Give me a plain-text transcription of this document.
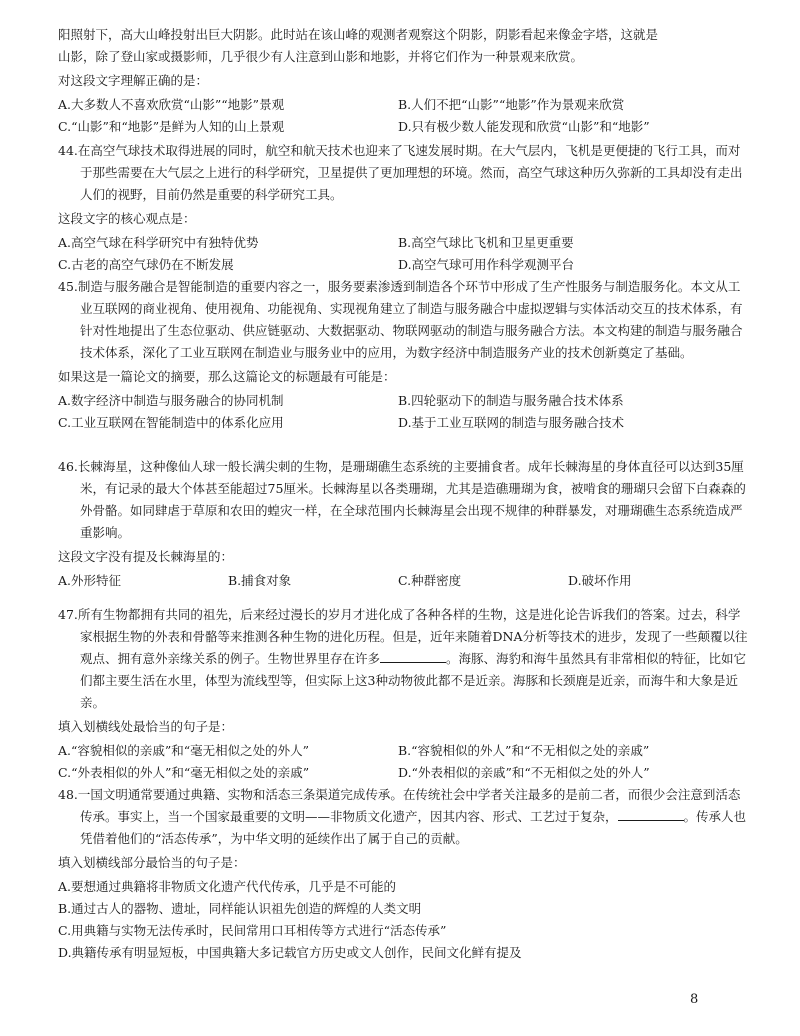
阳照射下，高大山峰投射出巨大阴影。此时站在该山峰的观测者观察这个阴影，阴影看起来像金字塔，这就是
山影，除了登山家或摄影师，几乎很少有人注意到山影和地影，并将它们作为一种景观来欣赏。
对这段文字理解正确的是：
A.大多数人不喜欢欣赏“山影”“地影”景观	B.人们不把“山影”“地影”作为景观来欣赏
C.“山影”和“地影”是鲜为人知的山上景观	D.只有极少数人能发现和欣赏“山影”和“地影”

44.在高空气球技术取得进展的同时，航空和航天技术也迎来了飞速发展时期。在大气层内，飞机是更便捷的飞行工具，而对于那些需要在大气层之上进行的科学研究，卫星提供了更加理想的环境。然而，高空气球这种历久弥新的工具却没有走出人们的视野，目前仍然是重要的科学研究工具。

这段文字的核心观点是：
A.高空气球在科学研究中有独特优势	B.高空气球比飞机和卫星更重要
C.古老的高空气球仍在不断发展	D.高空气球可用作科学观测平台

45.制造与服务融合是智能制造的重要内容之一，服务要素渗透到制造各个环节中形成了生产性服务与制造服务化。本文从工业互联网的商业视角、使用视角、功能视角、实现视角建立了制造与服务融合中虚拟逻辑与实体活动交互的技术体系，有针对性地提出了生态位驱动、供应链驱动、大数据驱动、物联网驱动的制造与服务融合方法。本文构建的制造与服务融合技术体系，深化了工业互联网在制造业与服务业中的应用，为数字经济中制造服务产业的技术创新奠定了基础。

如果这是一篇论文的摘要，那么这篇论文的标题最有可能是：
A.数字经济中制造与服务融合的协同机制	B.四轮驱动下的制造与服务融合技术体系
C.工业互联网在智能制造中的体系化应用	D.基于工业互联网的制造与服务融合技术

46.长棘海星，这种像仙人球一般长满尖刺的生物，是珊瑚礁生态系统的主要捕食者。成年长棘海星的身体直径可以达到35厘米，有记录的最大个体甚至能超过75厘米。长棘海星以各类珊瑚，尤其是造礁珊瑚为食，被啃食的珊瑚只会留下白森森的外骨骼。如同肆虐于草原和农田的蝗灾一样，在全球范围内长棘海星会出现不规律的种群暴发，对珊瑚礁生态系统造成严重影响。

这段文字没有提及长棘海星的：
A.外形特征	B.捕食对象	C.种群密度	D.破坏作用

47.所有生物都拥有共同的祖先，后来经过漫长的岁月才进化成了各种各样的生物，这是进化论告诉我们的答案。过去，科学家根据生物的外表和骨骼等来推测各种生物的进化历程。但是，近年来随着DNA分析等技术的进步，发现了一些颠覆以往观点、拥有意外亲缘关系的例子。生物世界里存在许多	。海豚、海豹和海牛虽然具有非常相似的特征，比如它们都主要生活在水里，体型为流线型等，但实际上这3种动物彼此都不是近亲。海豚和长颈鹿是近亲，而海牛和大象是近亲。

填入划横线处最恰当的句子是：
A.“容貌相似的亲戚”和“毫无相似之处的外人”	B.“容貌相似的外人”和“不无相似之处的亲戚”
C.“外表相似的外人”和“毫无相似之处的亲戚”	D.“外表相似的亲戚”和“不无相似之处的外人”

48.一国文明通常要通过典籍、实物和活态三条渠道完成传承。在传统社会中学者关注最多的是前二者，而很少会注意到活态传承。事实上，当一个国家最重要的文明——非物质文化遗产，因其内容、形式、工艺过于复杂，	。传承人也凭借着他们的“活态传承”，为中华文明的延续作出了属于自己的贡献。

填入划横线部分最恰当的句子是：
A.要想通过典籍将非物质文化遗产代代传承，几乎是不可能的
B.通过古人的器物、遗址，同样能认识祖先创造的辉煌的人类文明
C.用典籍与实物无法传承时，民间常用口耳相传等方式进行“活态传承”
D.典籍传承有明显短板，中国典籍大多记载官方历史或文人创作，民间文化鲜有提及
8
